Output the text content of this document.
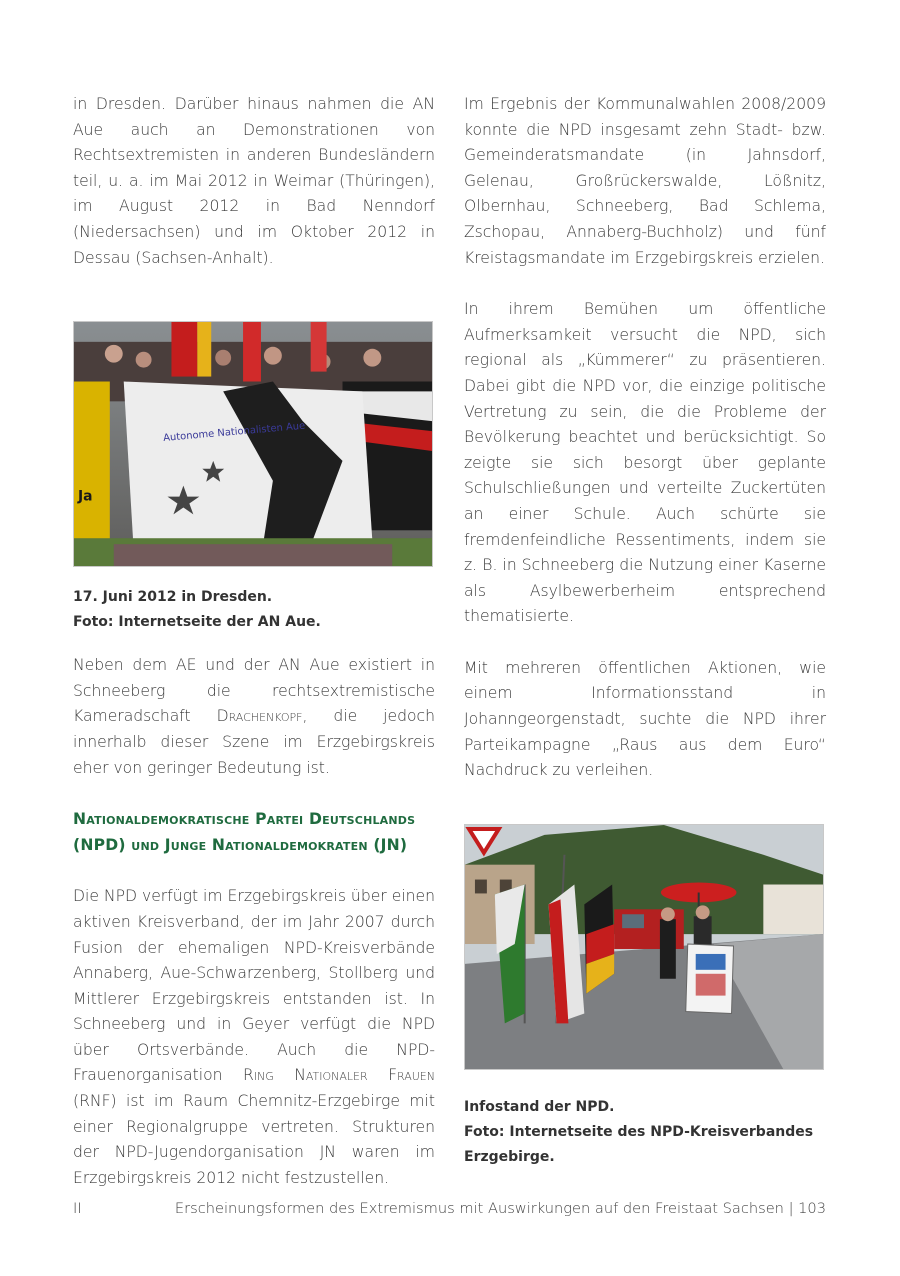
in Dresden. Darüber hinaus nahmen die AN Aue auch an Demonstrationen von Rechtsextremisten in anderen Bundesländern teil, u. a. im Mai 2012 in Weimar (Thüringen), im August 2012 in Bad Nenndorf (Niedersachsen) und im Oktober 2012 in Dessau (Sachsen-Anhalt).

Ja
Autonome Nationalisten Aue

17. Juni 2012 in Dresden.

Foto: Internetseite der AN Aue.

Neben dem AE und der AN Aue existiert in Schneeberg die rechtsextremistische Kameradschaft Drachenkopf, die jedoch innerhalb dieser Szene im Erzgebirgskreis eher von geringer Bedeutung ist.

Nationaldemokratische Partei Deutschlands
(NPD) und Junge Nationaldemokraten (JN)

Die NPD verfügt im Erzgebirgskreis über einen aktiven Kreisverband, der im Jahr 2007 durch Fusion der ehemaligen NPD-Kreisverbände Annaberg, Aue-Schwarzenberg, Stollberg und Mittlerer Erzgebirgskreis entstanden ist. In Schneeberg und in Geyer verfügt die NPD über Ortsverbände. Auch die NPD-Frauenorganisation Ring Nationaler Frauen (RNF) ist im Raum Chemnitz-Erzgebirge mit einer Regionalgruppe vertreten. Strukturen der NPD-Jugendorganisation JN waren im Erzgebirgskreis 2012 nicht festzustellen.

Im Ergebnis der Kommunalwahlen 2008/2009 konnte die NPD insgesamt zehn Stadt- bzw. Gemeinderatsmandate (in Jahnsdorf, Gelenau, Großrückerswalde, Lößnitz, Olbernhau, Schneeberg, Bad Schlema, Zschopau, Annaberg-Buchholz) und fünf Kreistagsmandate im Erzgebirgskreis erzielen.

In ihrem Bemühen um öffentliche Aufmerksamkeit versucht die NPD, sich regional als „Kümmerer“ zu präsentieren. Dabei gibt die NPD vor, die einzige politische Vertretung zu sein, die die Probleme der Bevölkerung beachtet und berücksichtigt. So zeigte sie sich besorgt über geplante Schulschließungen und verteilte Zuckertüten an einer Schule. Auch schürte sie fremdenfeindliche Ressentiments, indem sie z. B. in Schneeberg die Nutzung einer Kaserne als Asylbewerberheim entsprechend thematisierte.

Mit mehreren öffentlichen Aktionen, wie einem Informationsstand in Johanngeorgenstadt, suchte die NPD ihrer Parteikampagne „Raus aus dem Euro“ Nachdruck zu verleihen.

Infostand der NPD.

Foto: Internetseite des NPD-Kreisverbandes

Erzgebirge.

II	Erscheinungsformen des Extremismus mit Auswirkungen auf den Freistaat Sachsen | 103
